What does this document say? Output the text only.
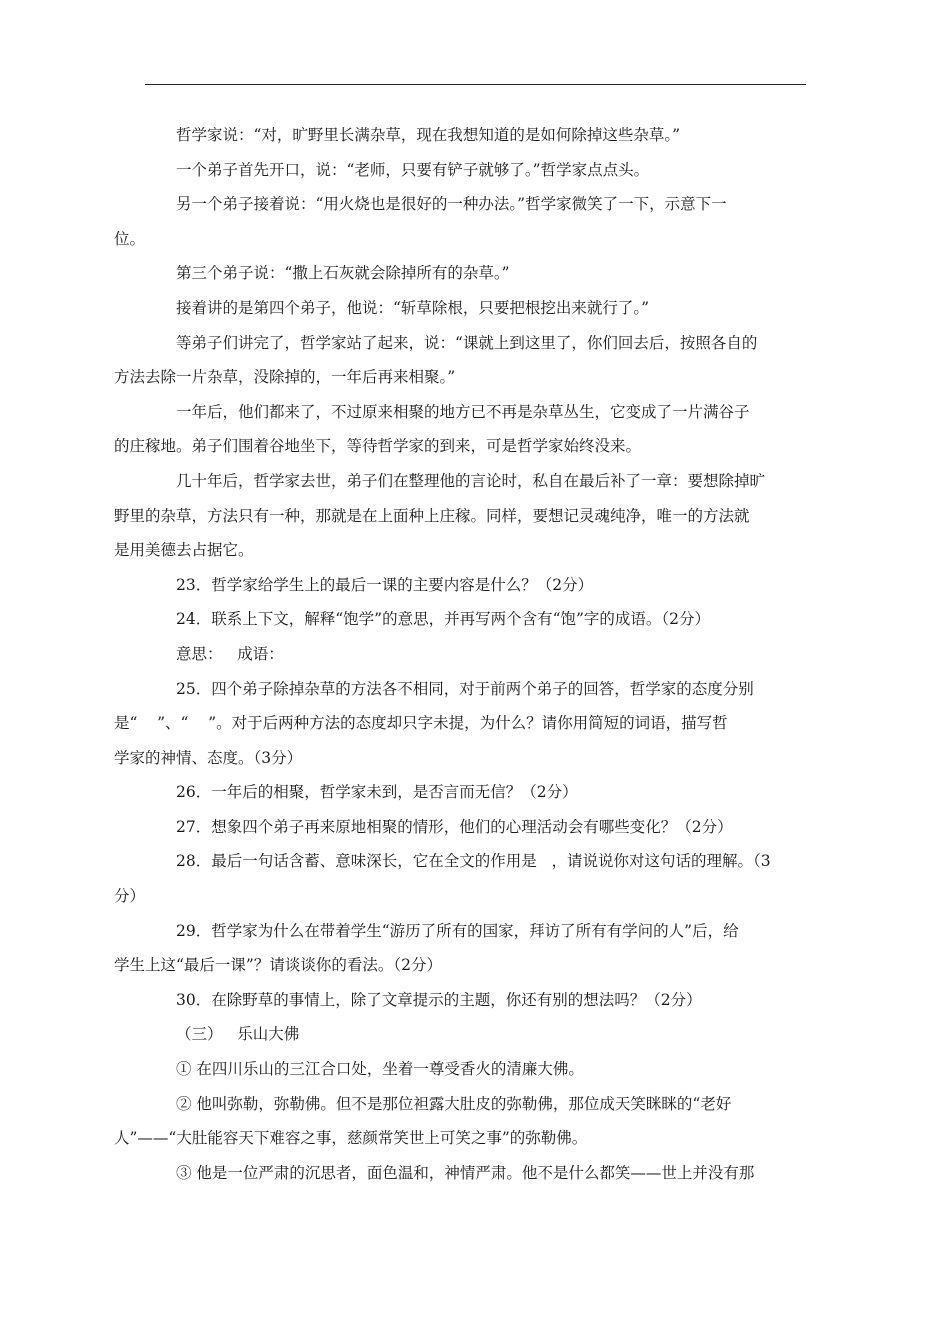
哲学家说：“对，旷野里长满杂草，现在我想知道的是如何除掉这些杂草。”

一个弟子首先开口，说：“老师，只要有铲子就够了。”哲学家点点头。

另一个弟子接着说：“用火烧也是很好的一种办法。”哲学家微笑了一下，示意下一
位。

第三个弟子说：“撒上石灰就会除掉所有的杂草。”

接着讲的是第四个弟子，他说：“斩草除根，只要把根挖出来就行了。”

等弟子们讲完了，哲学家站了起来，说：“课就上到这里了，你们回去后，按照各自的
方法去除一片杂草，没除掉的，一年后再来相聚。”

一年后，他们都来了，不过原来相聚的地方已不再是杂草丛生，它变成了一片满谷子
的庄稼地。弟子们围着谷地坐下，等待哲学家的到来，可是哲学家始终没来。

几十年后，哲学家去世，弟子们在整理他的言论时，私自在最后补了一章：要想除掉旷
野里的杂草，方法只有一种，那就是在上面种上庄稼。同样，要想记灵魂纯净，唯一的方法就
是用美德去占据它。

23．哲学家给学生上的最后一课的主要内容是什么？（2分）

24．联系上下文，解释“饱学”的意思，并再写两个含有“饱”字的成语。（2分）

意思：   成语：

25．四个弟子除掉杂草的方法各不相同，对于前两个弟子的回答，哲学家的态度分别
是“    ”、“    ”。对于后两种方法的态度却只字未提，为什么？请你用简短的词语，描写哲
学家的神情、态度。（3分）

26．一年后的相聚，哲学家未到，是否言而无信？（2分）

27．想象四个弟子再来原地相聚的情形，他们的心理活动会有哪些变化？（2分）

28．最后一句话含蓄、意味深长，它在全文的作用是   ，请说说你对这句话的理解。（3
分）

29．哲学家为什么在带着学生“游历了所有的国家，拜访了所有有学问的人”后，给
学生上这“最后一课”？请谈谈你的看法。（2分）

30．在除野草的事情上，除了文章提示的主题，你还有别的想法吗？（2分）

（三）   乐山大佛

① 在四川乐山的三江合口处，坐着一尊受香火的清廉大佛。

② 他叫弥勒，弥勒佛。但不是那位袒露大肚皮的弥勒佛，那位成天笑眯眯的“老好
人”——“大肚能容天下难容之事，慈颜常笑世上可笑之事”的弥勒佛。

③ 他是一位严肃的沉思者，面色温和，神情严肃。他不是什么都笑——世上并没有那
